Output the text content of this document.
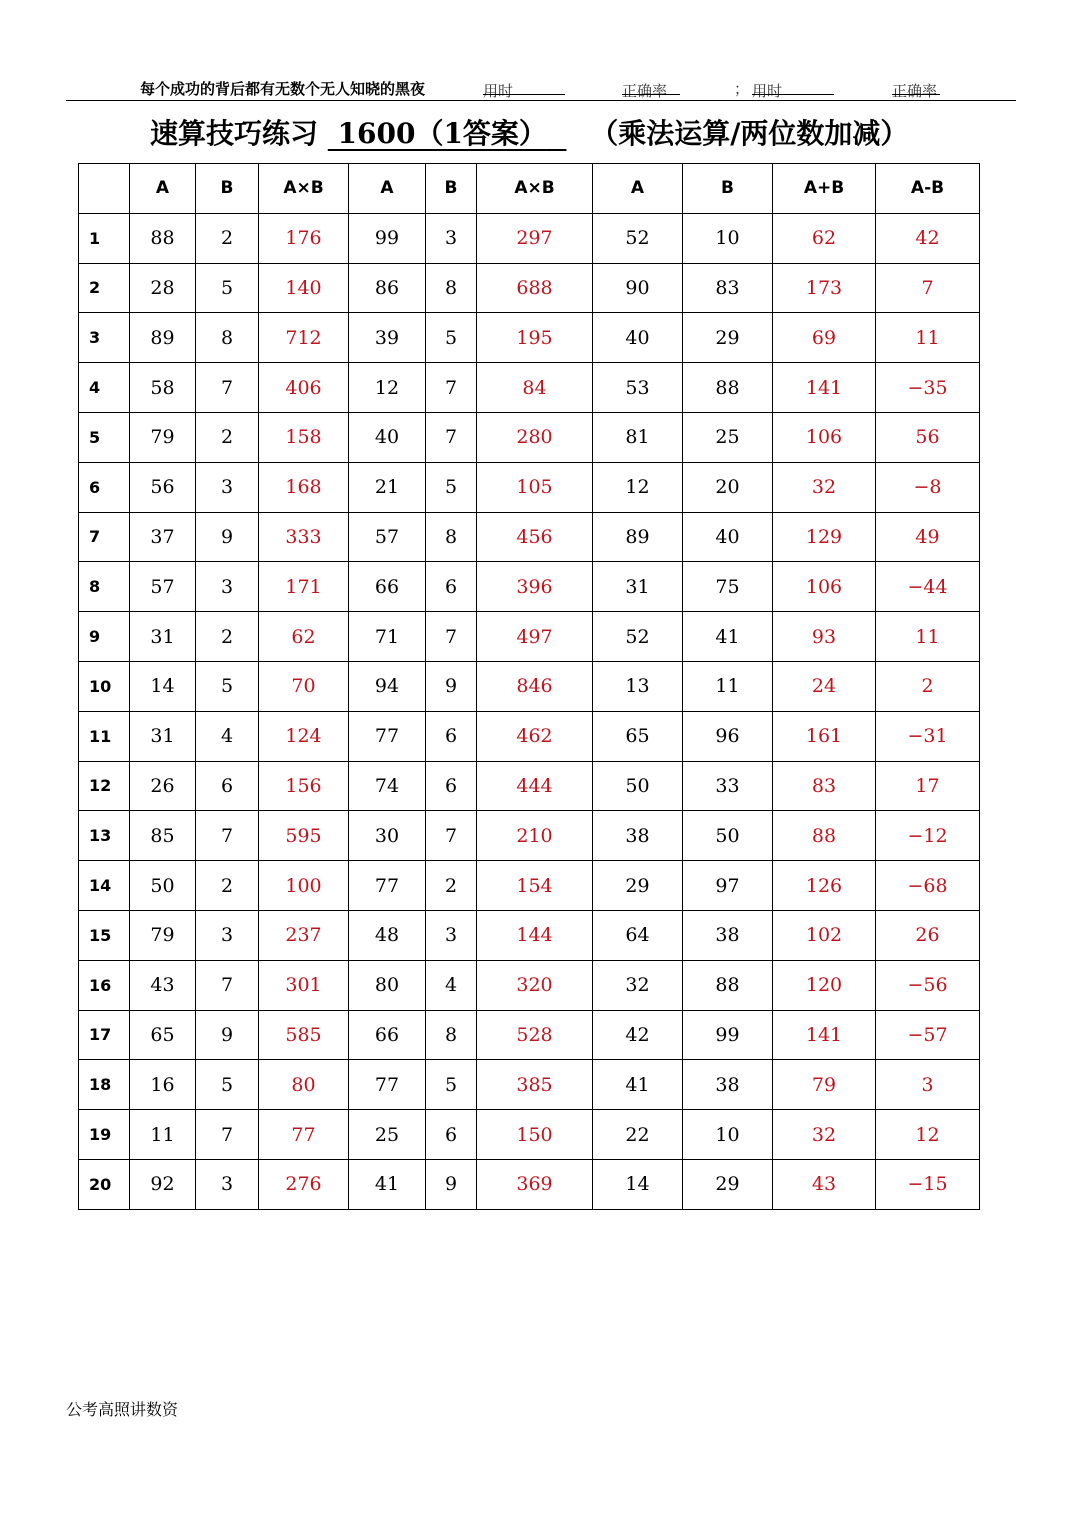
每个成功的背后都有无数个无人知晓的黑夜	用时	正确率	； 用时	正确率
速算技巧练习 1600（1答案） （乘法运算/两位数加减）
	A	B	A×B	A	B	A×B	A	B	A+B	A-B
1	88	2	176	99	3	297	52	10	62	42
2	28	5	140	86	8	688	90	83	173	7
3	89	8	712	39	5	195	40	29	69	11
4	58	7	406	12	7	84	53	88	141	−35
5	79	2	158	40	7	280	81	25	106	56
6	56	3	168	21	5	105	12	20	32	−8
7	37	9	333	57	8	456	89	40	129	49
8	57	3	171	66	6	396	31	75	106	−44
9	31	2	62	71	7	497	52	41	93	11
10	14	5	70	94	9	846	13	11	24	2
11	31	4	124	77	6	462	65	96	161	−31
12	26	6	156	74	6	444	50	33	83	17
13	85	7	595	30	7	210	38	50	88	−12
14	50	2	100	77	2	154	29	97	126	−68
15	79	3	237	48	3	144	64	38	102	26
16	43	7	301	80	4	320	32	88	120	−56
17	65	9	585	66	8	528	42	99	141	−57
18	16	5	80	77	5	385	41	38	79	3
19	11	7	77	25	6	150	22	10	32	12
20	92	3	276	41	9	369	14	29	43	−15
公考高照讲数资
